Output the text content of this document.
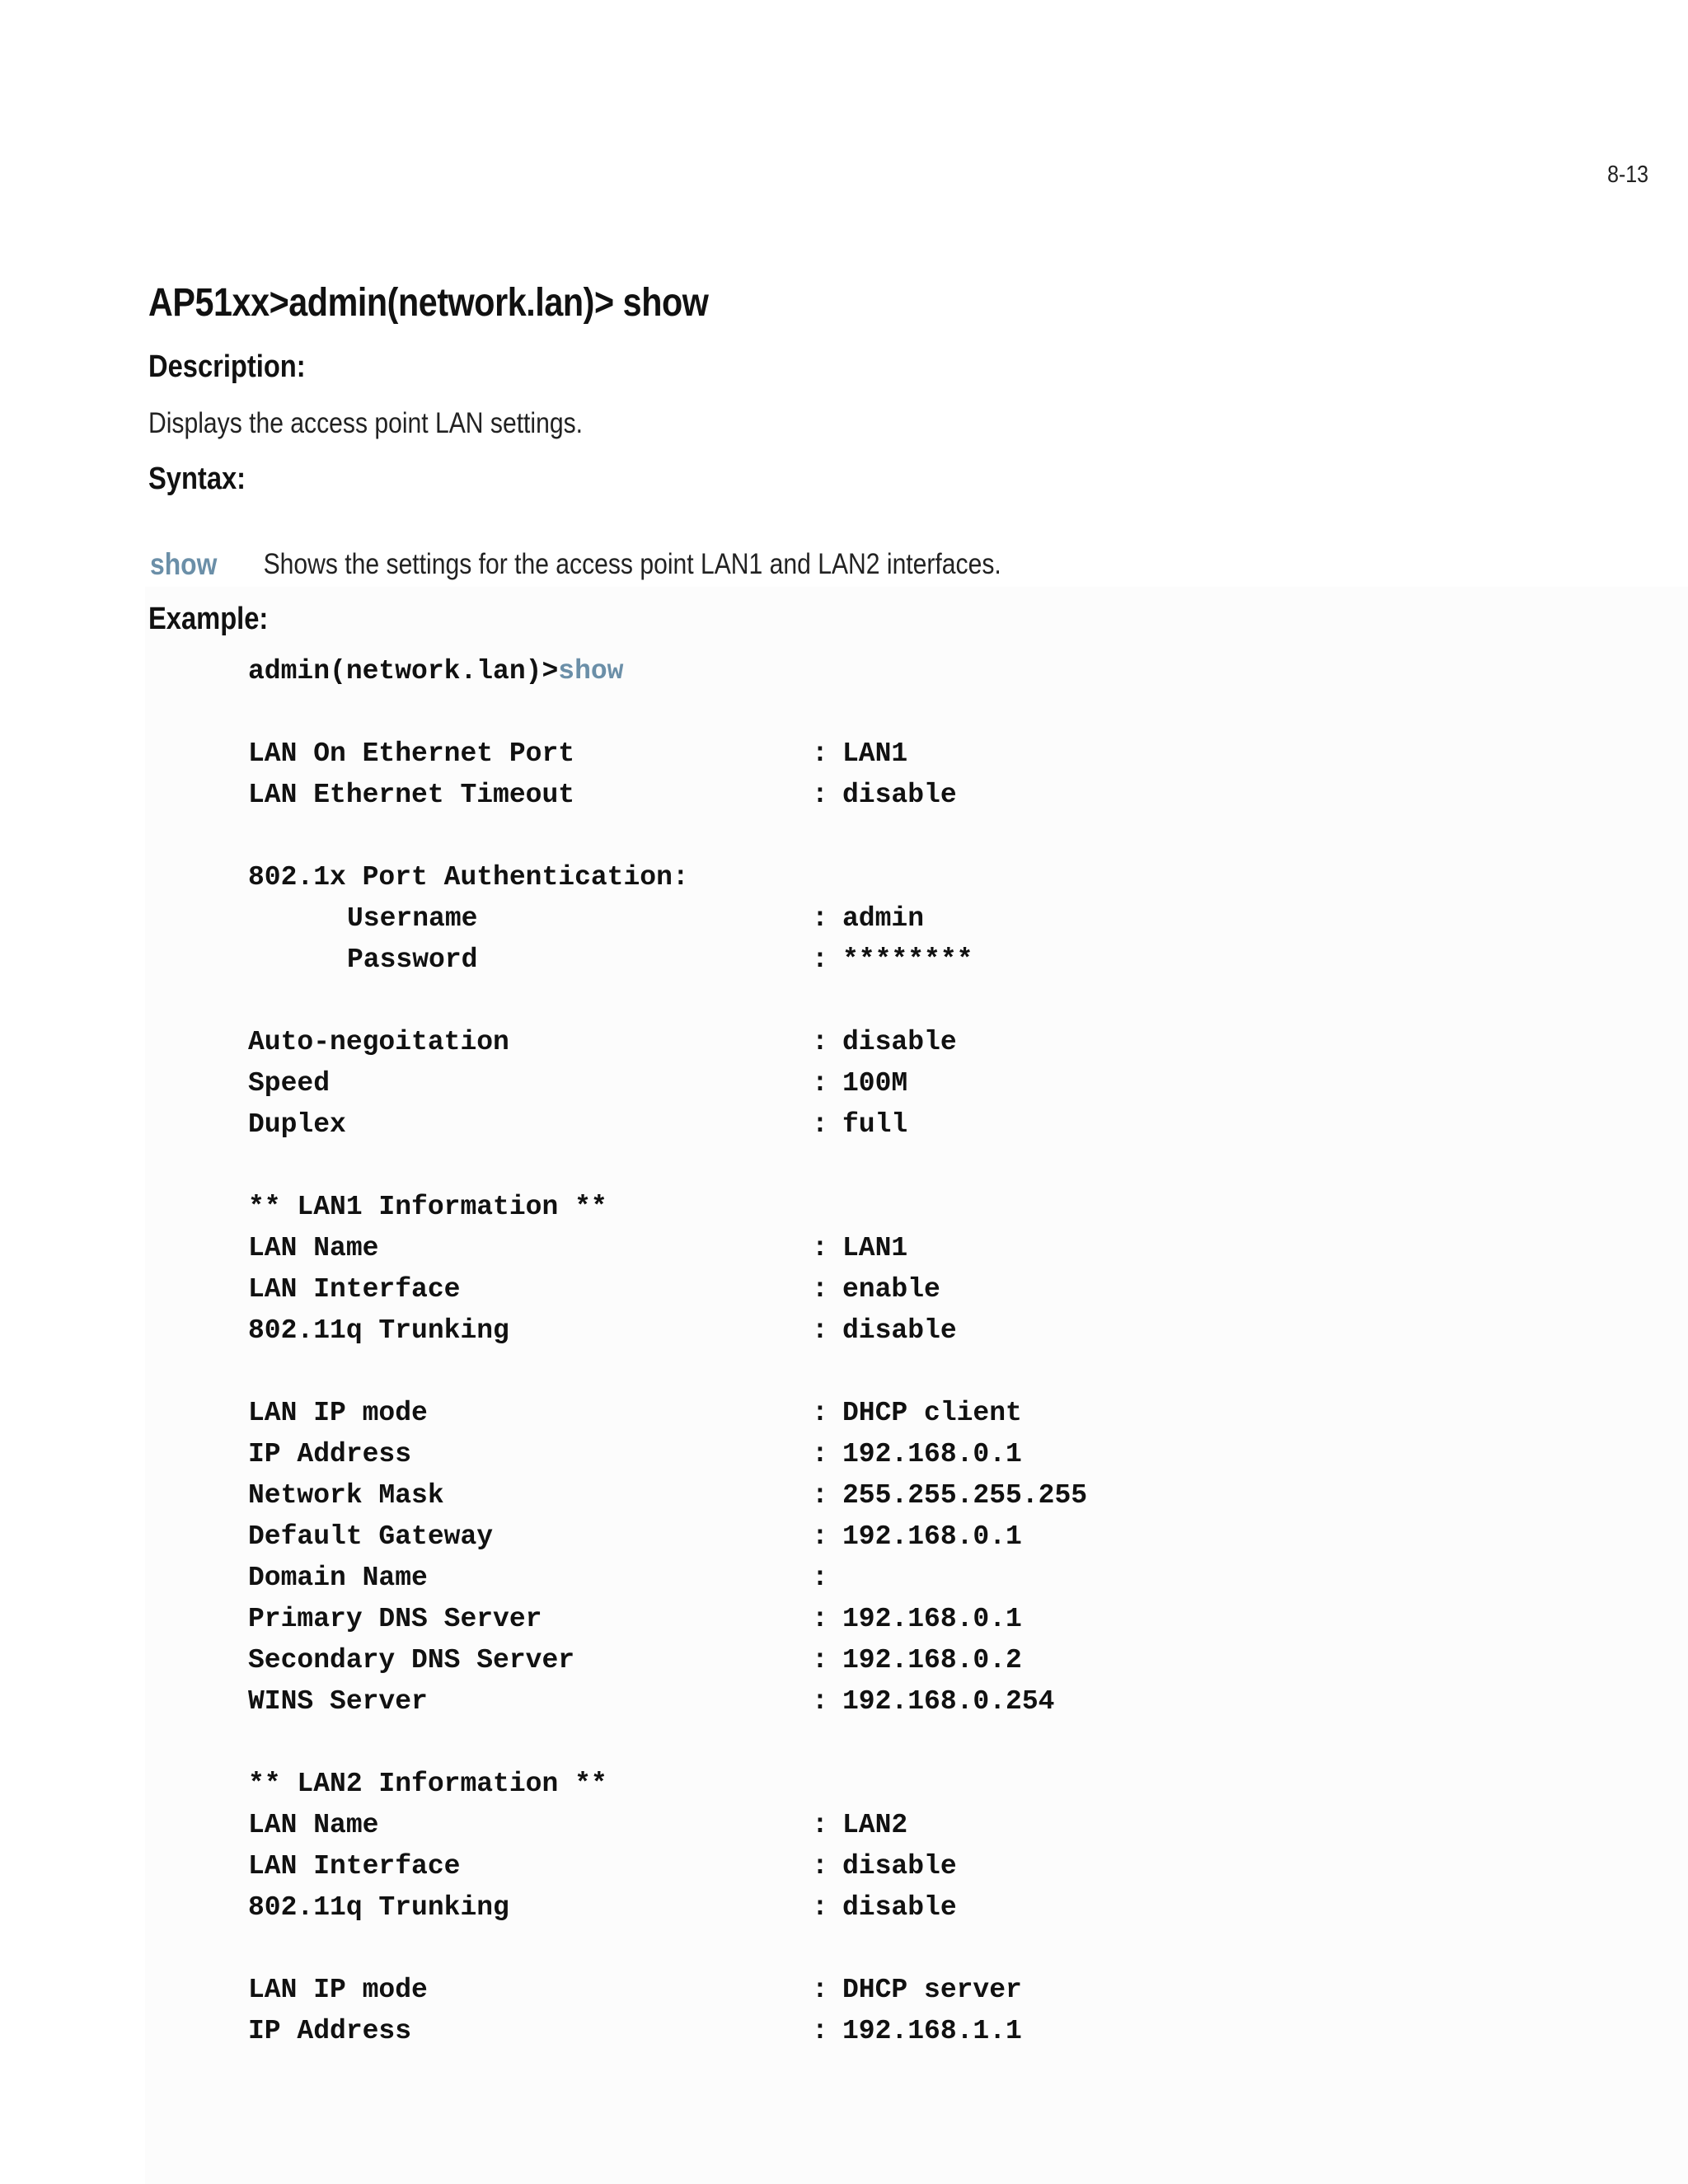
8-13
AP51xx>admin(network.lan)> show
Description:

Displays the access point LAN settings.

Syntax:
show	Shows the settings for the access point LAN1 and LAN2 interfaces.
Example:
admin(network.lan)>show
LAN On Ethernet Port	: LAN1
LAN Ethernet Timeout	: disable
802.1x Port Authentication:
Username	: admin
Password	: ********
Auto-negoitation	: disable
Speed	: 100M
Duplex	: full
** LAN1 Information **
LAN Name	: LAN1
LAN Interface	: enable
802.11q Trunking	: disable
LAN IP mode	: DHCP client
IP Address	: 192.168.0.1
Network Mask	: 255.255.255.255
Default Gateway	: 192.168.0.1
Domain Name	:
Primary DNS Server	: 192.168.0.1
Secondary DNS Server	: 192.168.0.2
WINS Server	: 192.168.0.254
** LAN2 Information **
LAN Name	: LAN2
LAN Interface	: disable
802.11q Trunking	: disable
LAN IP mode	: DHCP server
IP Address	: 192.168.1.1
